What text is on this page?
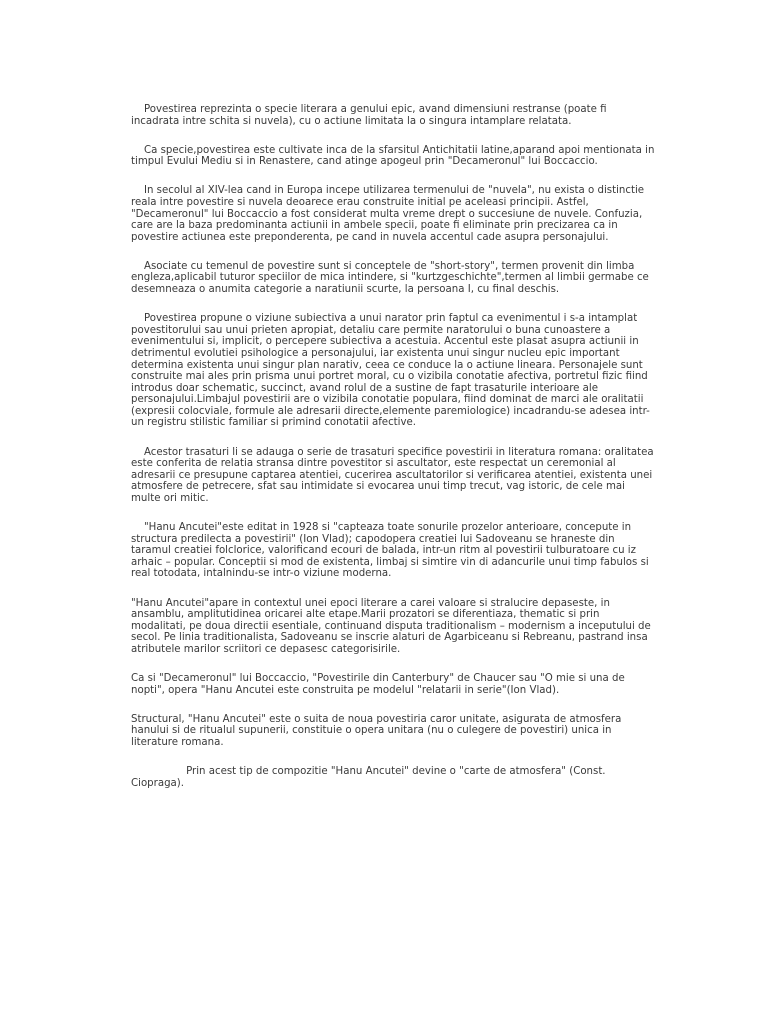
Povestirea reprezinta o specie literara a genului epic, avand dimensiuni restranse (poate fi incadrata intre schita si nuvela), cu o actiune limitata la o singura intamplare relatata.

Ca specie,povestirea este cultivate inca de la sfarsitul Antichitatii latine,aparand apoi mentionata in timpul Evului Mediu si in Renastere, cand atinge apogeul prin "Decameronul" lui Boccaccio.

In secolul al XIV-lea cand in Europa incepe utilizarea termenului de "nuvela", nu exista o distinctie reala intre povestire si nuvela deoarece erau construite initial pe aceleasi principii. Astfel, "Decameronul" lui Boccaccio a fost considerat multa vreme drept o succesiune de nuvele. Confuzia, care are la baza predominanta actiunii in ambele specii, poate fi eliminate prin precizarea ca in povestire actiunea este preponderenta, pe cand in nuvela accentul cade asupra personajului.

Asociate cu temenul de povestire sunt si conceptele de "short-story", termen provenit din limba engleza,aplicabil tuturor speciilor de mica intindere, si "kurtzgeschichte",termen al limbii germabe ce desemneaza o anumita categorie a naratiunii scurte, la persoana I, cu final deschis.

Povestirea propune o viziune subiectiva a unui narator prin faptul ca evenimentul i s-a intamplat povestitorului sau unui prieten apropiat, detaliu care permite naratorului o buna cunoastere a evenimentului si, implicit, o percepere subiectiva a acestuia. Accentul este plasat asupra actiunii in detrimentul evolutiei psihologice a personajului, iar existenta unui singur nucleu epic important determina existenta unui singur plan narativ, ceea ce conduce la o actiune lineara. Personajele sunt construite mai ales prin prisma unui portret moral, cu o vizibila conotatie afectiva, portretul fizic fiind introdus doar schematic, succinct, avand rolul de a sustine de fapt trasaturile interioare ale personajului.Limbajul povestirii are o vizibila conotatie populara, fiind dominat de marci ale oralitatii (expresii colocviale, formule ale adresarii directe,elemente paremiologice) incadrandu-se adesea intr-un registru stilistic familiar si primind conotatii afective.

Acestor trasaturi li se adauga o serie de trasaturi specifice povestirii in literatura romana: oralitatea este conferita de relatia stransa dintre povestitor si ascultator, este respectat un ceremonial al adresarii ce presupune captarea atentiei, cucerirea ascultatorilor si verificarea atentiei, existenta unei atmosfere de petrecere, sfat sau intimidate si evocarea unui timp trecut, vag istoric, de cele mai multe ori mitic.

"Hanu Ancutei"este editat in 1928 si "capteaza toate sonurile prozelor anterioare, concepute in structura predilecta a povestirii" (Ion Vlad); capodopera creatiei lui Sadoveanu se hraneste din taramul creatiei folclorice, valorificand ecouri de balada, intr-un ritm al povestirii tulburatoare cu iz arhaic – popular. Conceptii si mod de existenta, limbaj si simtire vin di adancurile unui timp fabulos si real totodata, intalnindu-se intr-o viziune moderna.

"Hanu Ancutei"apare in contextul unei epoci literare a carei valoare si stralucire depaseste, in ansamblu, amplitutidinea oricarei alte etape.Marii prozatori se diferentiaza, thematic si prin modalitati, pe doua directii esentiale, continuand disputa traditionalism – modernism a inceputului de secol. Pe linia traditionalista, Sadoveanu se inscrie alaturi de Agarbiceanu si Rebreanu, pastrand insa atributele marilor scriitori ce depasesc categorisirile.

Ca si "Decameronul" lui Boccaccio, "Povestirile din Canterbury" de Chaucer sau "O mie si una de nopti", opera "Hanu Ancutei este construita pe modelul "relatarii in serie"(Ion Vlad).

Structural, "Hanu Ancutei" este o suita de noua povestiria caror unitate, asigurata de atmosfera hanului si de ritualul supunerii, constituie o opera unitara (nu o culegere de povestiri) unica in literature romana.

Prin acest tip de compozitie "Hanu Ancutei" devine o "carte de atmosfera" (Const. Ciopraga).
